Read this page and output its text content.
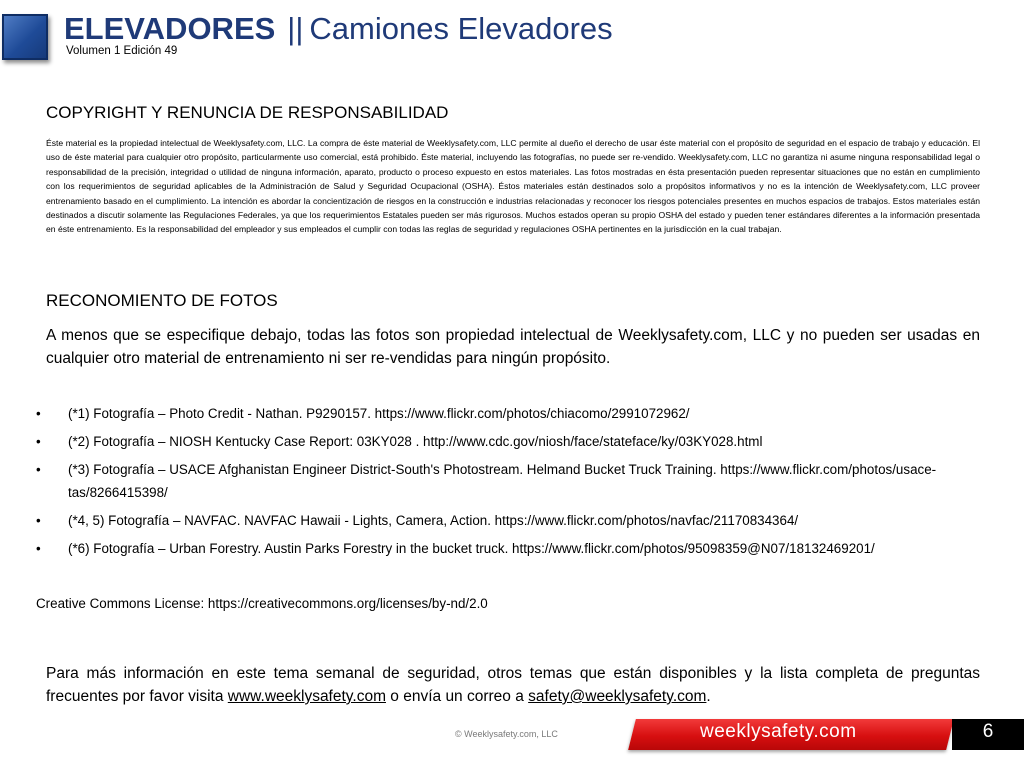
ELEVADORES || Camiones Elevadores
Volumen 1 Edición 49
COPYRIGHT Y RENUNCIA DE RESPONSABILIDAD
Éste material es la propiedad intelectual de Weeklysafety.com, LLC. La compra de éste material de Weeklysafety.com, LLC permite al dueño el derecho de usar éste material con el propósito de seguridad en el espacio de trabajo y educación. El uso de éste material para cualquier otro propósito, particularmente uso comercial, está prohibido. Éste material, incluyendo las fotografías, no puede ser re-vendido. Weeklysafety.com, LLC no garantiza ni asume ninguna responsabilidad legal o responsabilidad de la precisión, integridad o utilidad de ninguna información, aparato, producto o proceso expuesto en estos materiales. Las fotos mostradas en ésta presentación pueden representar situaciones que no están en cumplimiento con los requerimientos de seguridad aplicables de la Administración de Salud y Seguridad Ocupacional (OSHA). Éstos materiales están destinados solo a propósitos informativos y no es la intención de Weeklysafety.com, LLC proveer entrenamiento basado en el cumplimiento. La intención es abordar la concientización de riesgos en la construcción e industrias relacionadas y reconocer los riesgos potenciales presentes en muchos espacios de trabajos. Estos materiales están destinados a discutir solamente las Regulaciones Federales, ya que los requerimientos Estatales pueden ser más rigurosos. Muchos estados operan su propio OSHA del estado y pueden tener estándares diferentes a la información presentada en éste entrenamiento. Es la responsabilidad del empleador y sus empleados el cumplir con todas las reglas de seguridad y regulaciones OSHA pertinentes en la jurisdicción en la cual trabajan.
RECONOMIENTO DE FOTOS
A menos que se especifique debajo, todas las fotos son propiedad intelectual de Weeklysafety.com, LLC y no pueden ser usadas en cualquier otro material de entrenamiento ni ser re-vendidas para ningún propósito.
• (*1) Fotografía – Photo Credit - Nathan. P9290157. https://www.flickr.com/photos/chiacomo/2991072962/
• (*2) Fotografía – NIOSH Kentucky Case Report: 03KY028 . http://www.cdc.gov/niosh/face/stateface/ky/03KY028.html
• (*3) Fotografía – USACE Afghanistan Engineer District-South's Photostream. Helmand Bucket Truck Training. https://www.flickr.com/photos/usace-tas/8266415398/
• (*4, 5) Fotografía – NAVFAC. NAVFAC Hawaii - Lights, Camera, Action. https://www.flickr.com/photos/navfac/21170834364/
• (*6) Fotografía – Urban Forestry. Austin Parks Forestry in the bucket truck. https://www.flickr.com/photos/95098359@N07/18132469201/
Creative Commons License: https://creativecommons.org/licenses/by-nd/2.0
Para más información en este tema semanal de seguridad, otros temas que están disponibles y la lista completa de preguntas frecuentes por favor visita www.weeklysafety.com o envía un correo a safety@weeklysafety.com.
© Weeklysafety.com, LLC	weeklysafety.com	6
